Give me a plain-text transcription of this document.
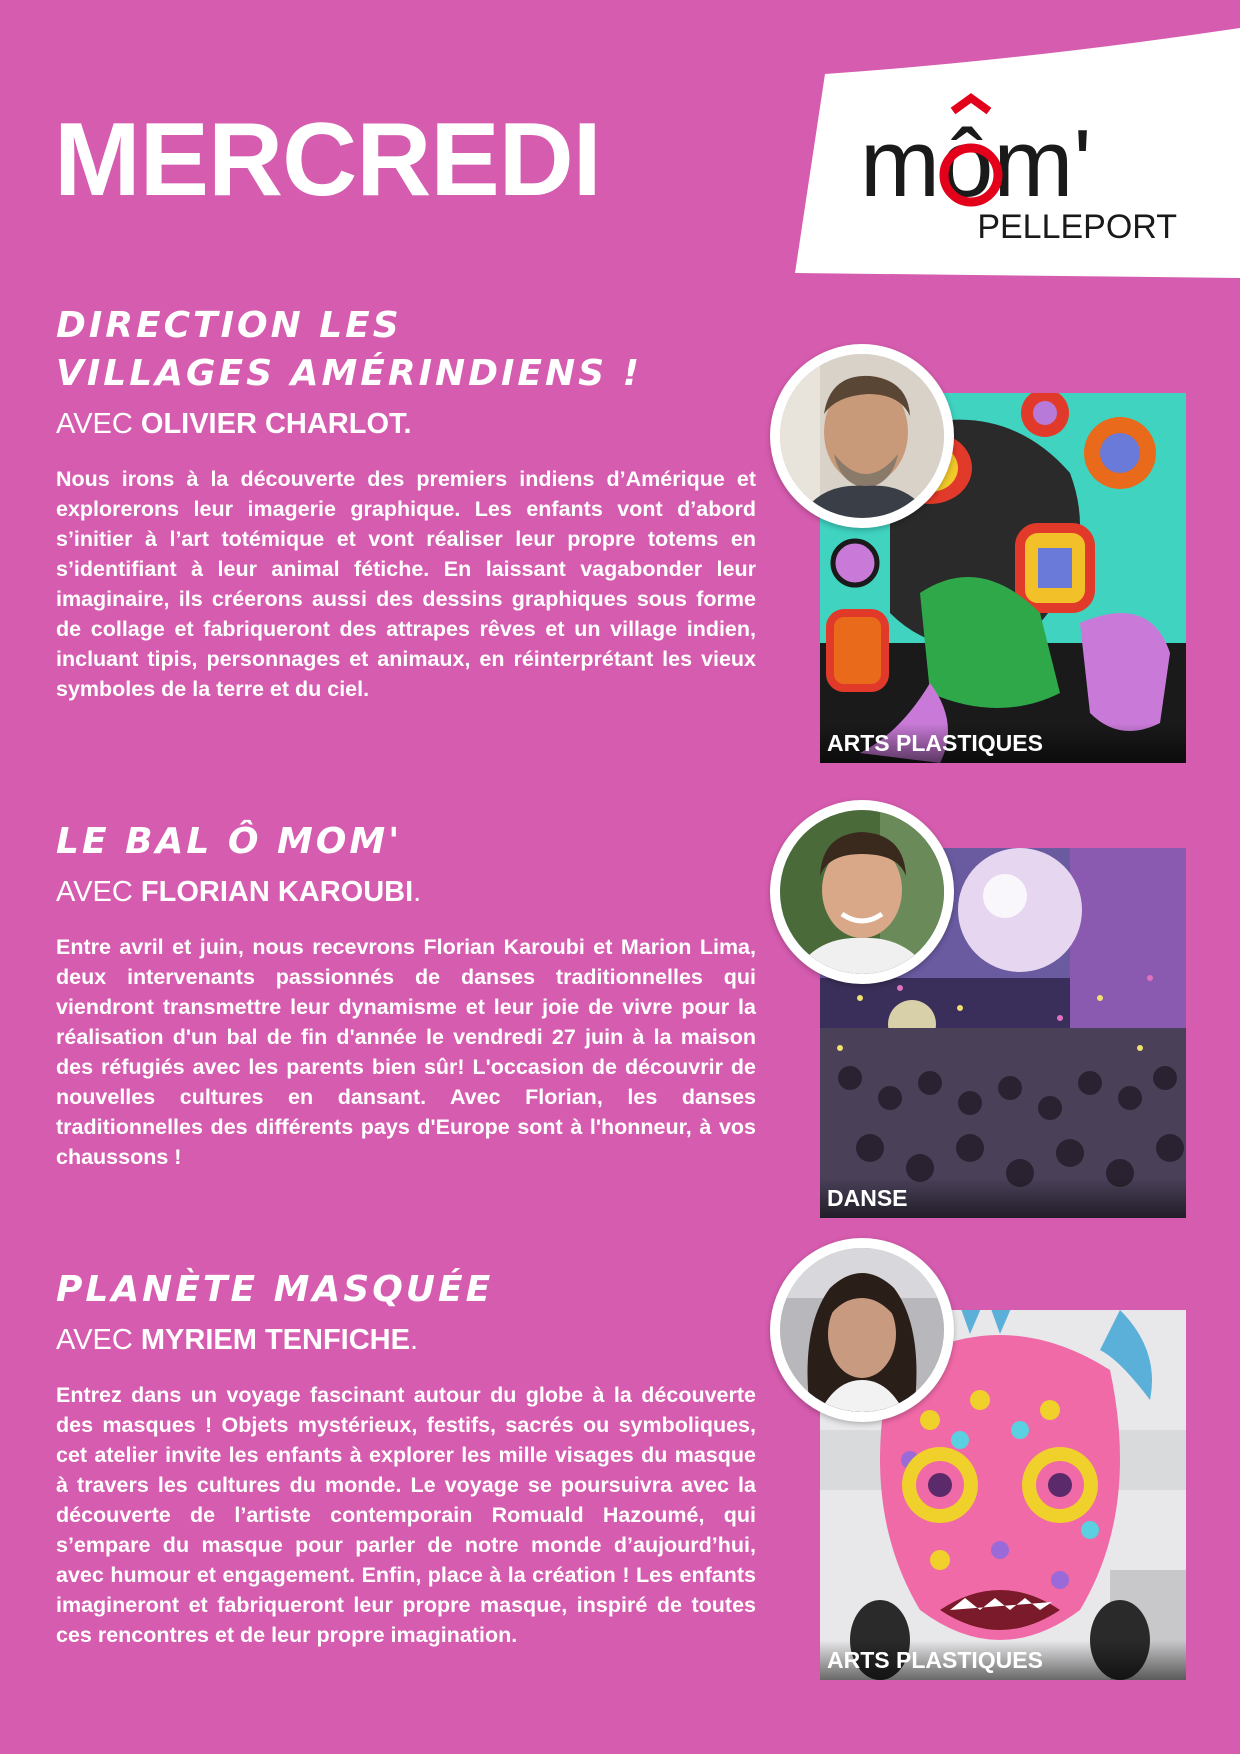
MERCREDI	môm'
PELLEPORT
DIRECTION LES
VILLAGES AMÉRINDIENS !
AVEC OLIVIER CHARLOT.

Nous irons à la découverte des premiers indiens d’Amérique et explorerons leur imagerie graphique. Les enfants vont d’abord s’initier à l’art totémique et vont réaliser leur propre totems en s’identifiant à leur animal fétiche. En laissant vagabonder leur imaginaire, ils créerons aussi des dessins graphiques sous forme de collage et fabriqueront des attrapes rêves et un village indien, incluant tipis, personnages et animaux, en réinterprétant les vieux symboles de la terre et du ciel.

ARTS PLASTIQUES
LE BAL Ô MOM'
AVEC FLORIAN KAROUBI.

Entre avril et juin, nous recevrons Florian Karoubi et Marion Lima, deux intervenants passionnés de danses traditionnelles qui viendront transmettre leur dynamisme et leur joie de vivre pour la réalisation d'un bal de fin d'année le vendredi 27 juin à la maison des réfugiés avec les parents bien sûr! L'occasion de découvrir de nouvelles cultures en dansant. Avec Florian, les danses traditionnelles des différents pays d'Europe sont à l'honneur, à vos chaussons !

DANSE
PLANÈTE MASQUÉE
AVEC MYRIEM TENFICHE.

Entrez dans un voyage fascinant autour du globe à la découverte des masques ! Objets mystérieux, festifs, sacrés ou symboliques, cet atelier invite les enfants à explorer les mille visages du masque à travers les cultures du monde. Le voyage se poursuivra avec la découverte de l’artiste contemporain Romuald Hazoumé, qui s’empare du masque pour parler de notre monde d’aujourd’hui, avec humour et engagement. Enfin, place à la création ! Les enfants imagineront et fabriqueront leur propre masque, inspiré de toutes ces rencontres et de leur propre imagination.

ARTS PLASTIQUES
